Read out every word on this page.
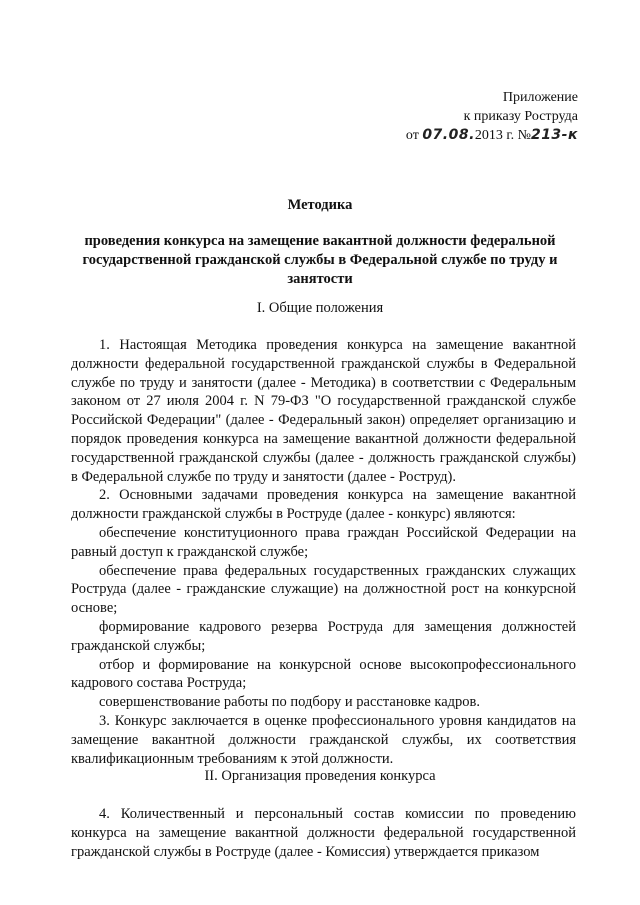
Приложение
к приказу Роструда
от 07.08.2013 г. №213-к
Методика
проведения конкурса на замещение вакантной должности федеральной государственной гражданской службы в Федеральной службе по труду и занятости
I. Общие положения

1. Настоящая Методика проведения конкурса на замещение вакантной должности федеральной государственной гражданской службы в Федеральной службе по труду и занятости (далее - Методика) в соответствии с Федеральным законом от 27 июля 2004 г. N 79-ФЗ "О государственной гражданской службе Российской Федерации" (далее - Федеральный закон) определяет организацию и порядок проведения конкурса на замещение вакантной должности федеральной государственной гражданской службы (далее - должность гражданской службы) в Федеральной службе по труду и занятости (далее - Роструд).

2. Основными задачами проведения конкурса на замещение вакантной должности гражданской службы в Роструде (далее - конкурс) являются:

обеспечение конституционного права граждан Российской Федерации на равный доступ к гражданской службе;

обеспечение права федеральных государственных гражданских служащих Роструда (далее - гражданские служащие) на должностной рост на конкурсной основе;

формирование кадрового резерва Роструда для замещения должностей гражданской службы;

отбор и формирование на конкурсной основе высокопрофессионального кадрового состава Роструда;

совершенствование работы по подбору и расстановке кадров.

3. Конкурс заключается в оценке профессионального уровня кандидатов на замещение вакантной должности гражданской службы, их соответствия квалификационным требованиям к этой должности.

II. Организация проведения конкурса

4. Количественный и персональный состав комиссии по проведению конкурса на замещение вакантной должности федеральной государственной гражданской службы в Роструде (далее - Комиссия) утверждается приказом
